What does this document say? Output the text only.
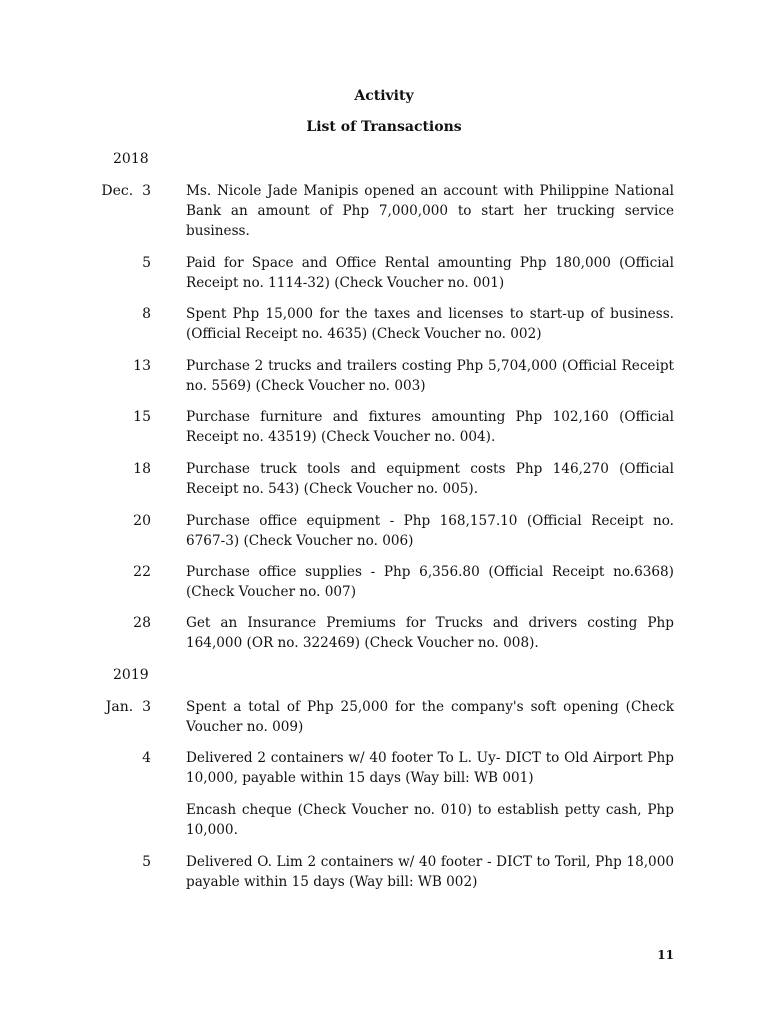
Activity

List of Transactions

2018

Dec.  3	Ms. Nicole Jade Manipis opened an account with Philippine National Bank an amount of Php 7,000,000 to start her trucking service business.

5	Paid for Space and Office Rental amounting Php 180,000 (Official Receipt no. 1114-32) (Check Voucher no. 001)

8	Spent Php 15,000 for the taxes and licenses to start-up of business. (Official Receipt no. 4635) (Check Voucher no. 002)

13	Purchase 2 trucks and trailers costing Php 5,704,000 (Official Receipt no. 5569) (Check Voucher no. 003)

15	Purchase furniture and fixtures amounting Php 102,160 (Official Receipt no. 43519) (Check Voucher no. 004).

18	Purchase truck tools and equipment costs Php 146,270 (Official Receipt no. 543) (Check Voucher no. 005).

20	Purchase office equipment - Php 168,157.10 (Official Receipt no. 6767-3) (Check Voucher no. 006)

22	Purchase office supplies - Php 6,356.80 (Official Receipt no.6368) (Check Voucher no. 007)

28	Get an Insurance Premiums for Trucks and drivers costing Php 164,000 (OR no. 322469) (Check Voucher no. 008).

2019

Jan.  3	Spent a total of Php 25,000 for the company's soft opening (Check Voucher no. 009)

4	Delivered 2 containers w/ 40 footer To L. Uy- DICT to Old Airport Php 10,000, payable within 15 days (Way bill: WB 001)

Encash cheque (Check Voucher no. 010) to establish petty cash, Php 10,000.

5	Delivered O. Lim 2 containers w/ 40 footer - DICT to Toril, Php 18,000 payable within 15 days (Way bill: WB 002)

11
